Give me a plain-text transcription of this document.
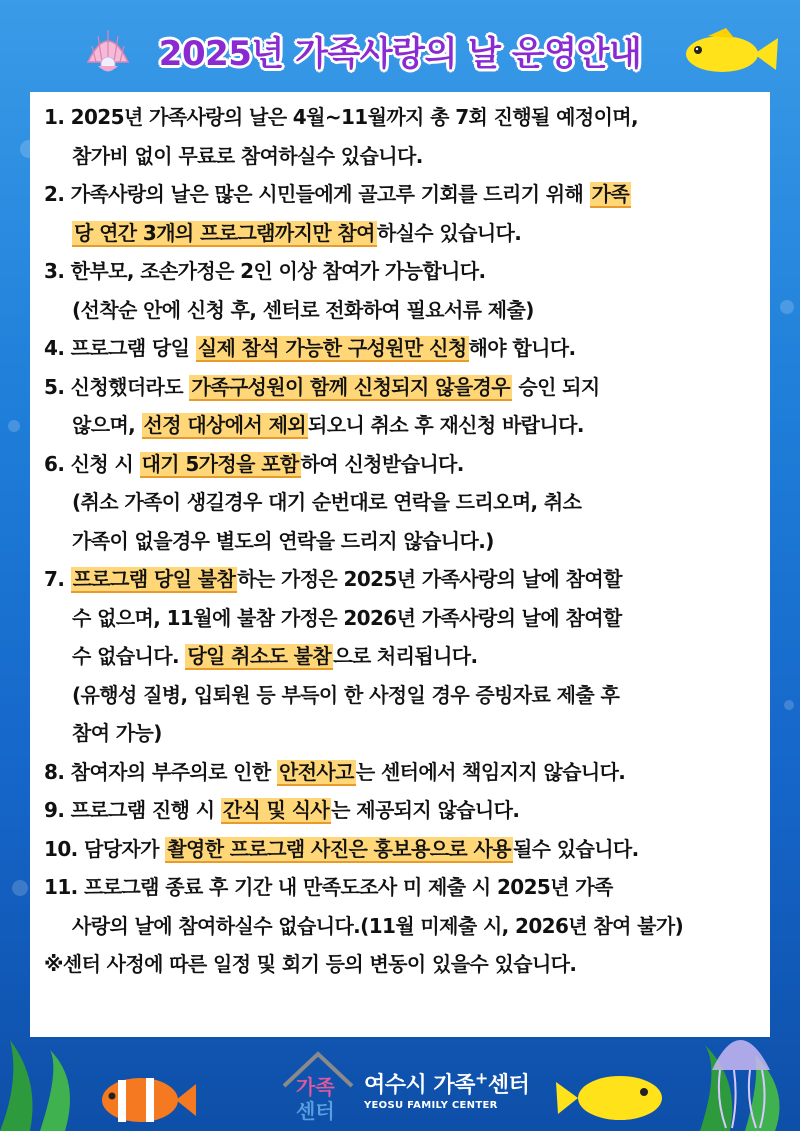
2025년 가족사랑의 날 운영안내
1. 2025년 가족사랑의 날은 4월~11월까지 총 7회 진행될 예정이며,
참가비 없이 무료로 참여하실수 있습니다.
2. 가족사랑의 날은 많은 시민들에게 골고루 기회를 드리기 위해 가족
당 연간 3개의 프로그램까지만 참여 하실수 있습니다.
3. 한부모, 조손가정은 2인 이상 참여가 가능합니다.
(선착순 안에 신청 후, 센터로 전화하여 필요서류 제출)
4. 프로그램 당일 실제 참석 가능한 구성원만 신청 해야 합니다.
5. 신청했더라도 가족구성원이 함께 신청되지 않을경우 승인 되지
않으며, 선정 대상에서 제외 되오니 취소 후 재신청 바랍니다.
6. 신청 시 대기 5가정을 포함 하여 신청받습니다.
(취소 가족이 생길경우 대기 순번대로 연락을 드리오며, 취소
가족이 없을경우 별도의 연락을 드리지 않습니다.)
7. 프로그램 당일 불참 하는 가정은 2025년 가족사랑의 날에 참여할
수 없으며, 11월에 불참 가정은 2026년 가족사랑의 날에 참여할
수 없습니다. 당일 취소도 불참 으로 처리됩니다.
(유행성 질병, 입퇴원 등 부득이 한 사정일 경우 증빙자료 제출 후
참여 가능)
8. 참여자의 부주의로 인한 안전사고 는 센터에서 책임지지 않습니다.
9. 프로그램 진행 시 간식 및 식사 는 제공되지 않습니다.
10. 담당자가 촬영한 프로그램 사진은 홍보용으로 사용 될수 있습니다.
11. 프로그램 종료 후 기간 내 만족도조사 미 제출 시 2025년 가족
사랑의 날에 참여하실수 없습니다.(11월 미제출 시, 2026년 참여 불가)
※센터 사정에 따른 일정 및 회기 등의 변동이 있을수 있습니다.
가족
센터
여수시 가족+센터
YEOSU FAMILY CENTER
